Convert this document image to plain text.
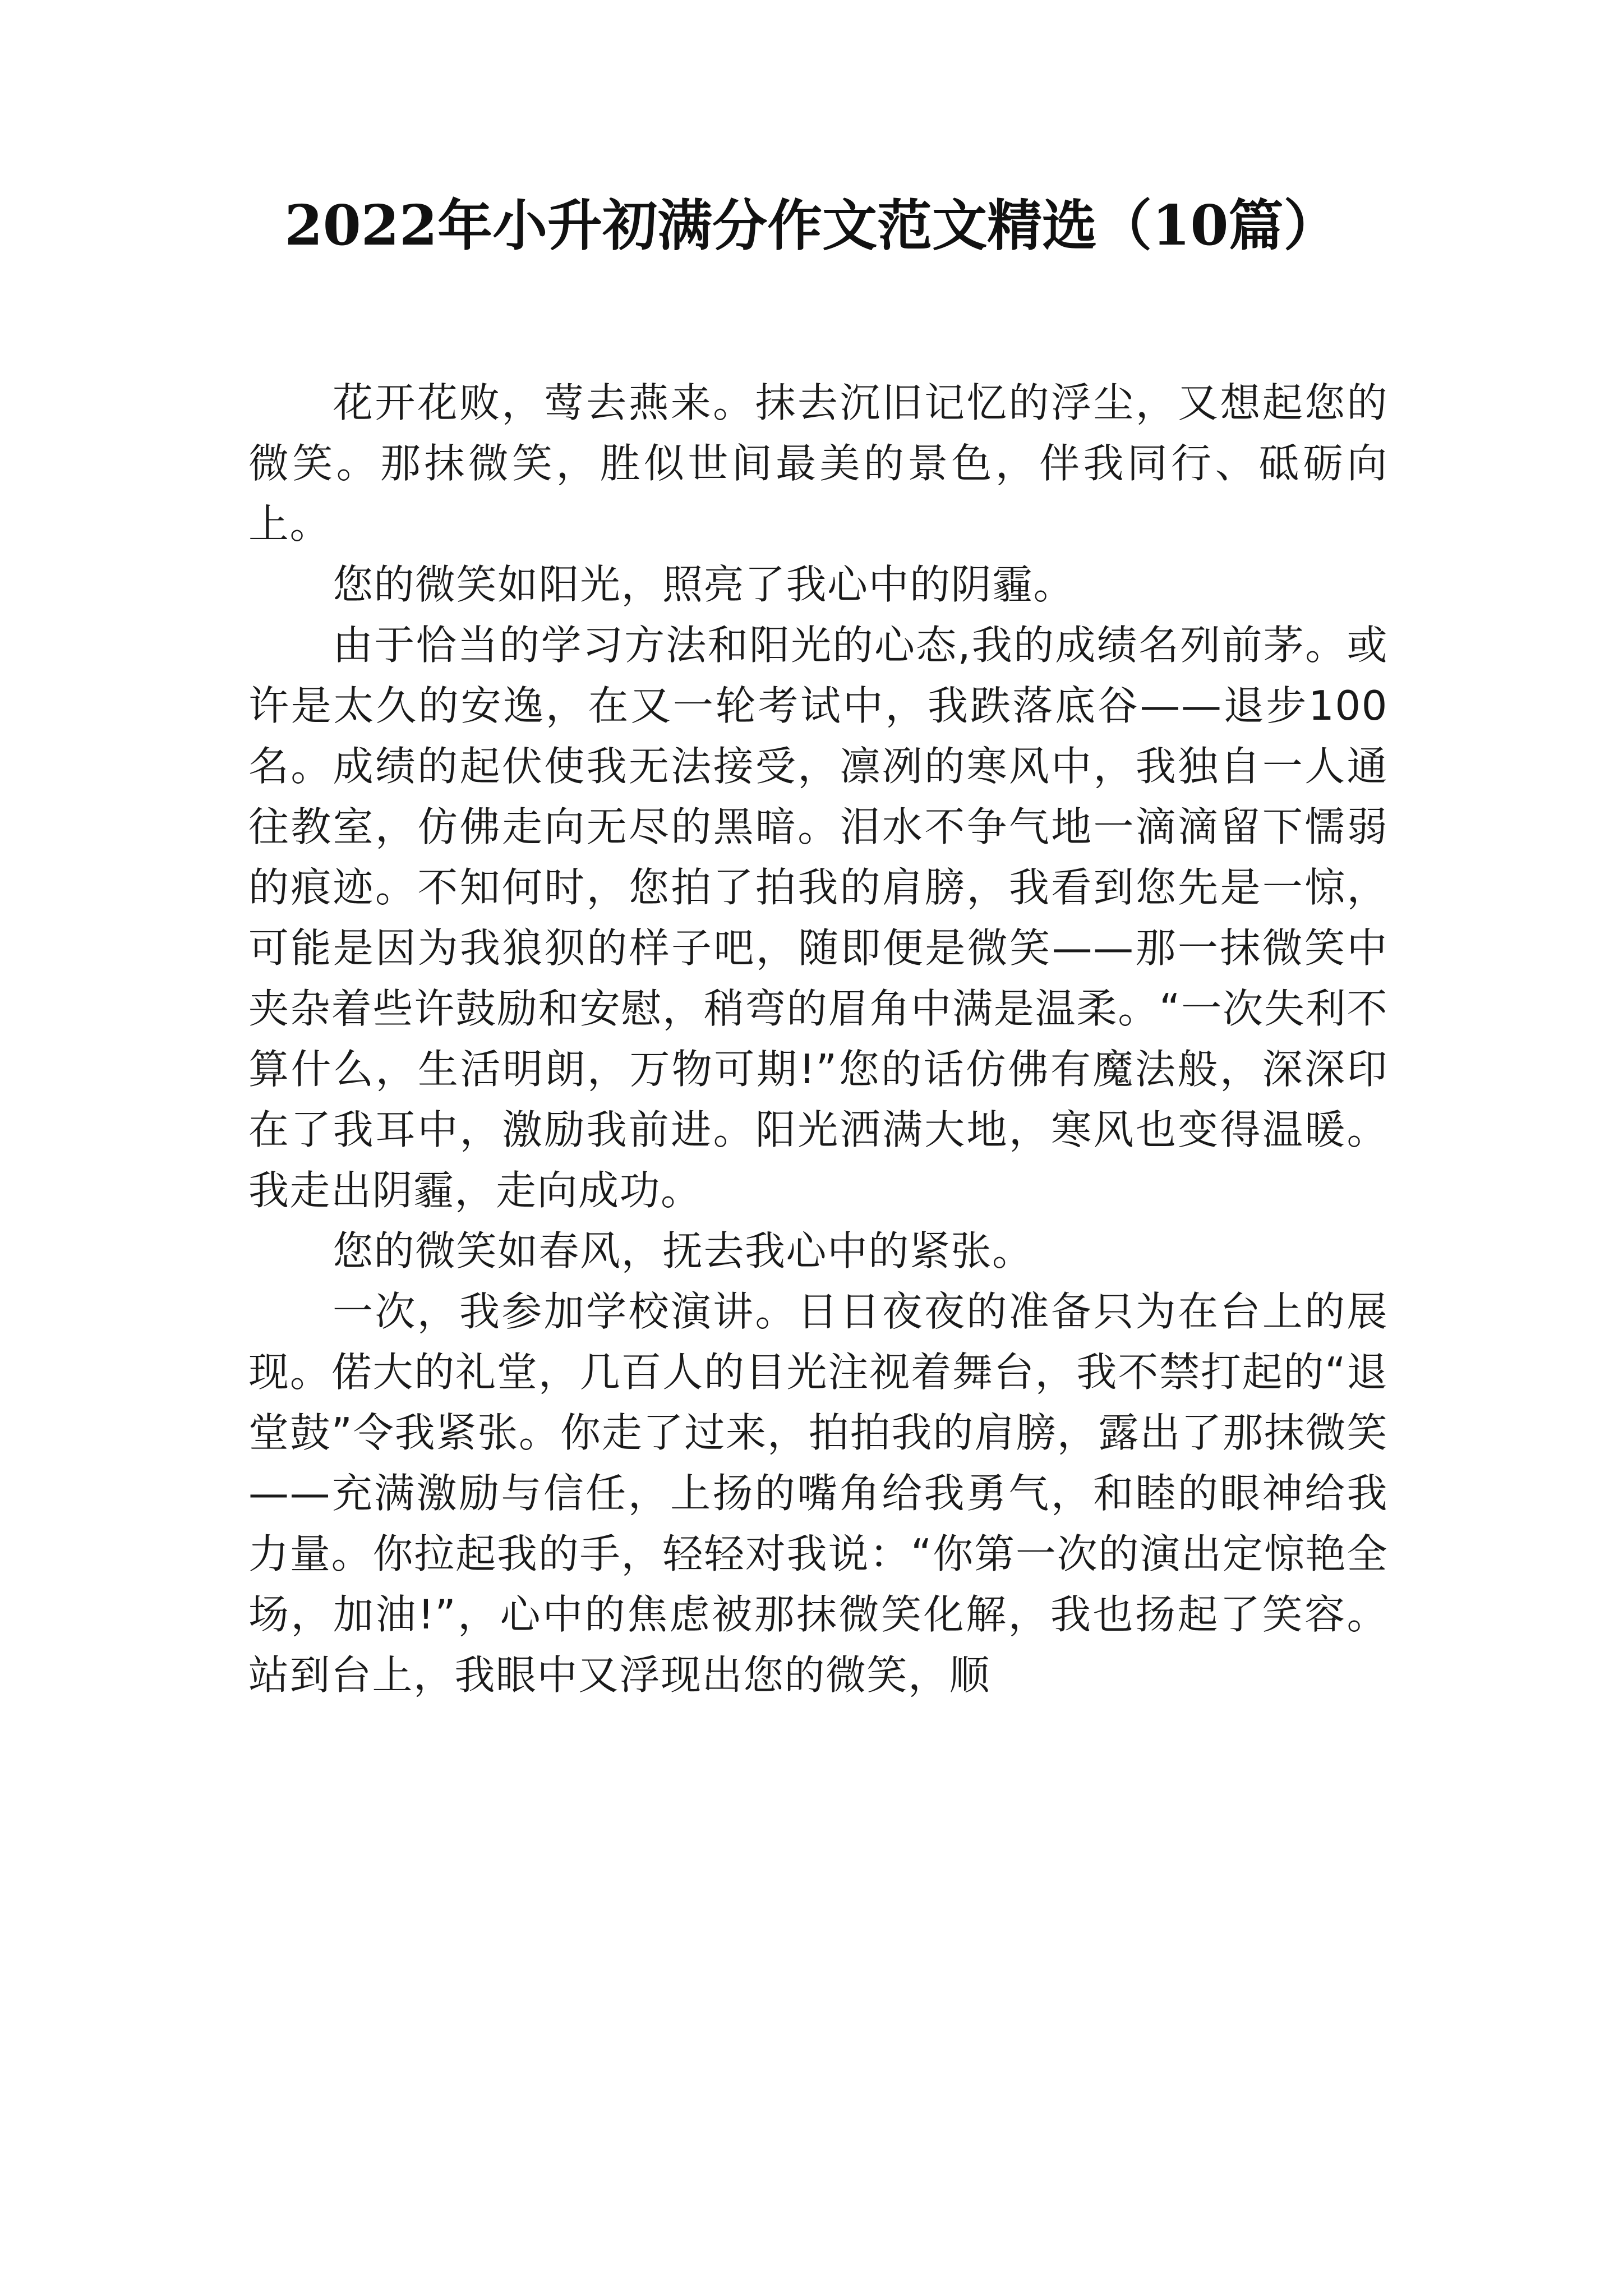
2022年小升初满分作文范文精选（10篇）

花开花败，莺去燕来。抹去沉旧记忆的浮尘，又想起您的微笑。那抹微笑，胜似世间最美的景色，伴我同行、砥砺向上。

您的微笑如阳光，照亮了我心中的阴霾。

由于恰当的学习方法和阳光的心态,我的成绩名列前茅。或许是太久的安逸，在又一轮考试中，我跌落底谷——退步100名。成绩的起伏使我无法接受，凛冽的寒风中，我独自一人通往教室，仿佛走向无尽的黑暗。泪水不争气地一滴滴留下懦弱的痕迹。不知何时，您拍了拍我的肩膀，我看到您先是一惊，可能是因为我狼狈的样子吧，随即便是微笑——那一抹微笑中夹杂着些许鼓励和安慰，稍弯的眉角中满是温柔。“一次失利不算什么，生活明朗，万物可期!”您的话仿佛有魔法般，深深印在了我耳中，激励我前进。阳光洒满大地，寒风也变得温暖。我走出阴霾，走向成功。

您的微笑如春风，抚去我心中的紧张。

一次，我参加学校演讲。日日夜夜的准备只为在台上的展现。偌大的礼堂，几百人的目光注视着舞台，我不禁打起的“退堂鼓”令我紧张。你走了过来，拍拍我的肩膀，露出了那抹微笑——充满激励与信任，上扬的嘴角给我勇气，和睦的眼神给我力量。你拉起我的手，轻轻对我说：“你第一次的演出定惊艳全场，加油!”，心中的焦虑被那抹微笑化解，我也扬起了笑容。站到台上，我眼中又浮现出您的微笑，顺
